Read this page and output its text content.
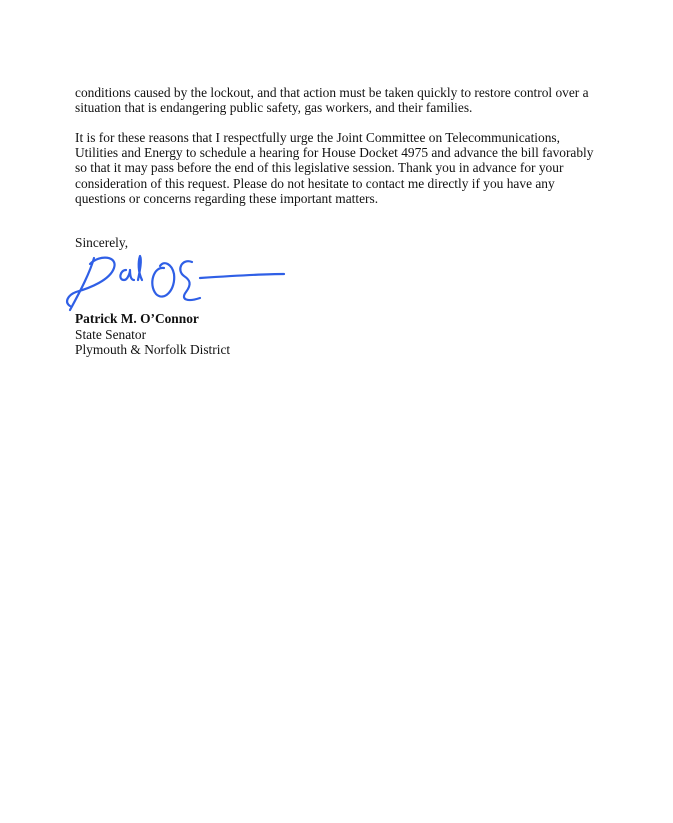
conditions caused by the lockout, and that action must be taken quickly to restore control over a
situation that is endangering public safety, gas workers, and their families.

It is for these reasons that I respectfully urge the Joint Committee on Telecommunications,
Utilities and Energy to schedule a hearing for House Docket 4975 and advance the bill favorably
so that it may pass before the end of this legislative session. Thank you in advance for your
consideration of this request. Please do not hesitate to contact me directly if you have any
questions or concerns regarding these important matters.

Sincerely,

Patrick M. O’Connor
State Senator
Plymouth & Norfolk District
